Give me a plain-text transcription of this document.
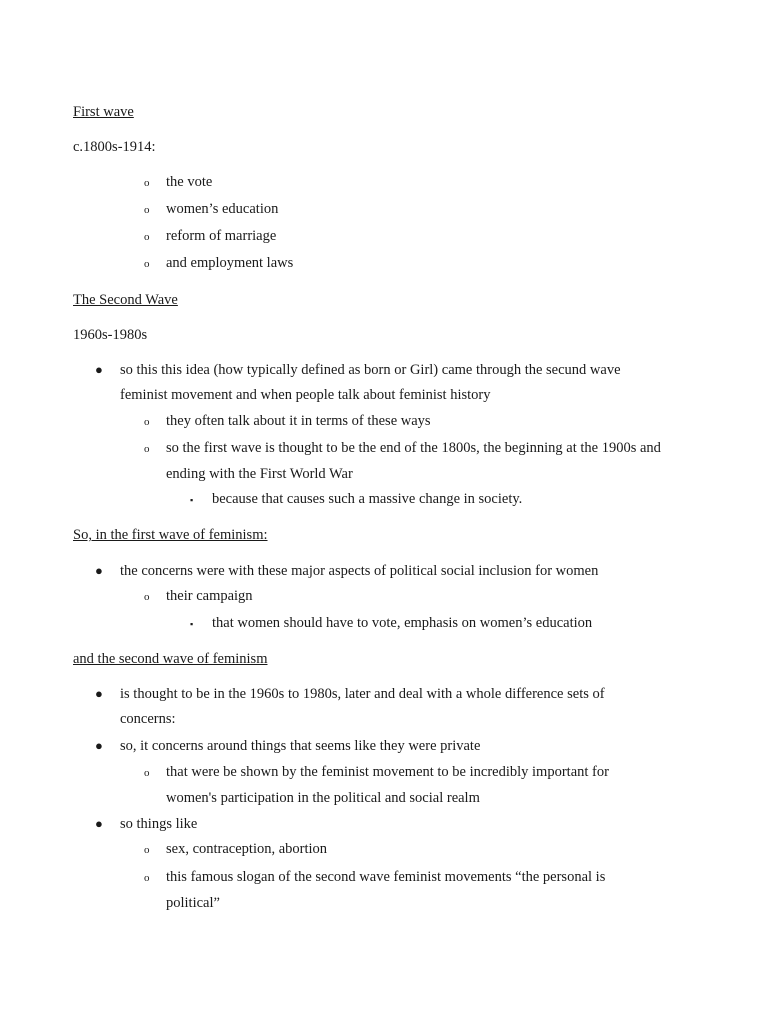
First wave
c.1800s-1914:
o the vote
o women’s education
o reform of marriage
o and employment laws
The Second Wave
1960s-1980s
● so this this idea (how typically defined as born or Girl) came through the secund wave
feminist movement and when people talk about feminist history
o they often talk about it in terms of these ways
o so the first wave is thought to be the end of the 1800s, the beginning at the 1900s and
ending with the First World War
▪ because that causes such a massive change in society.
So, in the first wave of feminism:
● the concerns were with these major aspects of political social inclusion for women
o their campaign
▪ that women should have to vote, emphasis on women’s education
and the second wave of feminism
● is thought to be in the 1960s to 1980s, later and deal with a whole difference sets of
concerns:
● so, it concerns around things that seems like they were private
o that were be shown by the feminist movement to be incredibly important for
women's participation in the political and social realm
● so things like
o sex, contraception, abortion
o this famous slogan of the second wave feminist movements “the personal is
political”
